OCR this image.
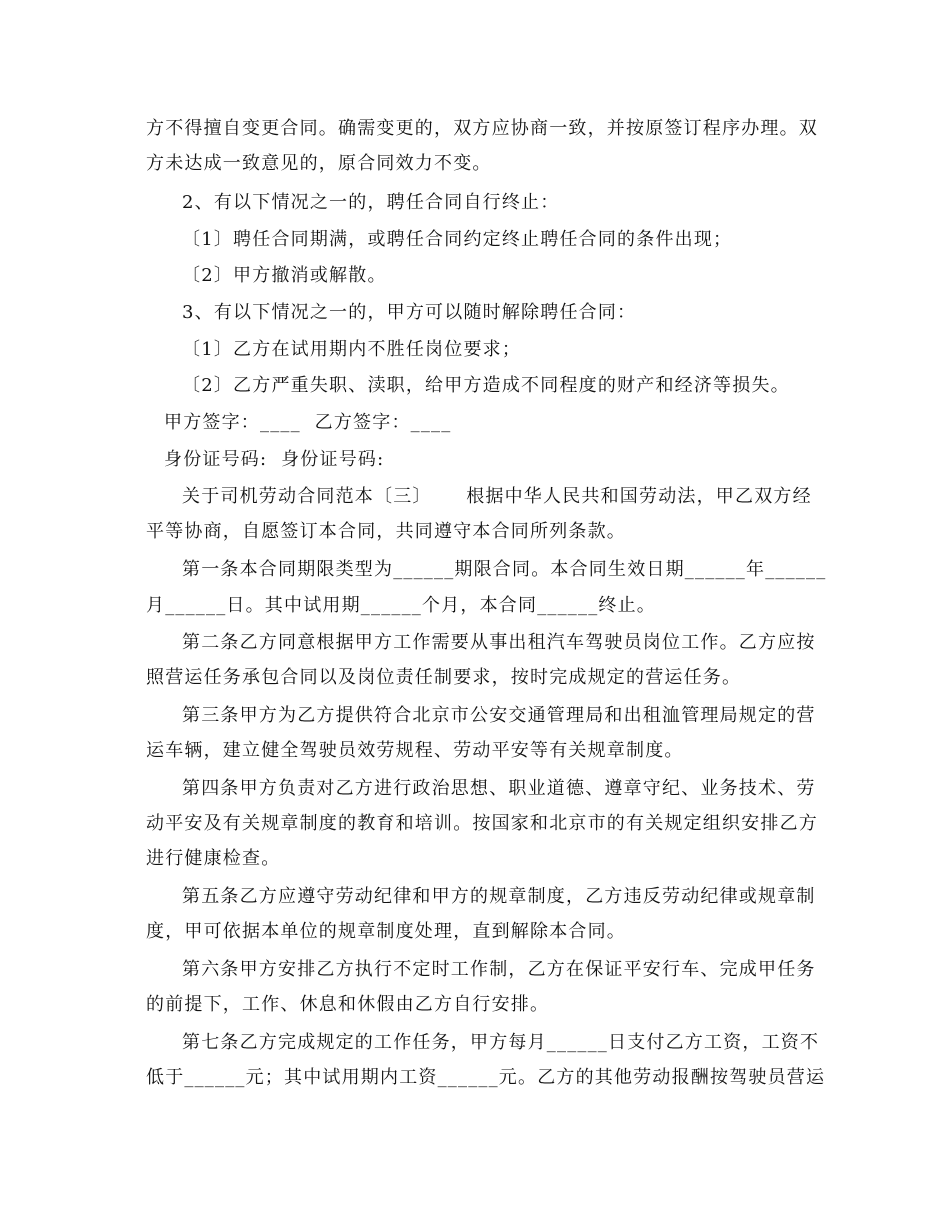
方不得擅自变更合同。确需变更的，双方应协商一致，并按原签订程序办理。双
方未达成一致意见的，原合同效力不变。
2、有以下情况之一的，聘任合同自行终止：
〔1〕聘任合同期满，或聘任合同约定终止聘任合同的条件出现；
〔2〕甲方撤消或解散。
3、有以下情况之一的，甲方可以随时解除聘任合同：
〔1〕乙方在试用期内不胜任岗位要求；
〔2〕乙方严重失职、渎职，给甲方造成不同程度的财产和经济等损失。
甲方签字：____  乙方签字：____
身份证号码:  身份证号码:
关于司机劳动合同范本〔三〕     根据中华人民共和国劳动法，甲乙双方经
平等协商，自愿签订本合同，共同遵守本合同所列条款。
第一条本合同期限类型为______期限合同。本合同生效日期______年______
月______日。其中试用期______个月，本合同______终止。
第二条乙方同意根据甲方工作需要从事出租汽车驾驶员岗位工作。乙方应按
照营运任务承包合同以及岗位责任制要求，按时完成规定的营运任务。
第三条甲方为乙方提供符合北京市公安交通管理局和出租洫管理局规定的营
运车辆，建立健全驾驶员效劳规程、劳动平安等有关规章制度。
第四条甲方负责对乙方进行政治思想、职业道德、遵章守纪、业务技术、劳
动平安及有关规章制度的教育和培训。按国家和北京市的有关规定组织安排乙方
进行健康检查。
第五条乙方应遵守劳动纪律和甲方的规章制度，乙方违反劳动纪律或规章制
度，甲可依据本单位的规章制度处理，直到解除本合同。
第六条甲方安排乙方执行不定时工作制，乙方在保证平安行车、完成甲任务
的前提下，工作、休息和休假由乙方自行安排。
第七条乙方完成规定的工作任务，甲方每月______日支付乙方工资，工资不
低于______元；其中试用期内工资______元。乙方的其他劳动报酬按驾驶员营运
